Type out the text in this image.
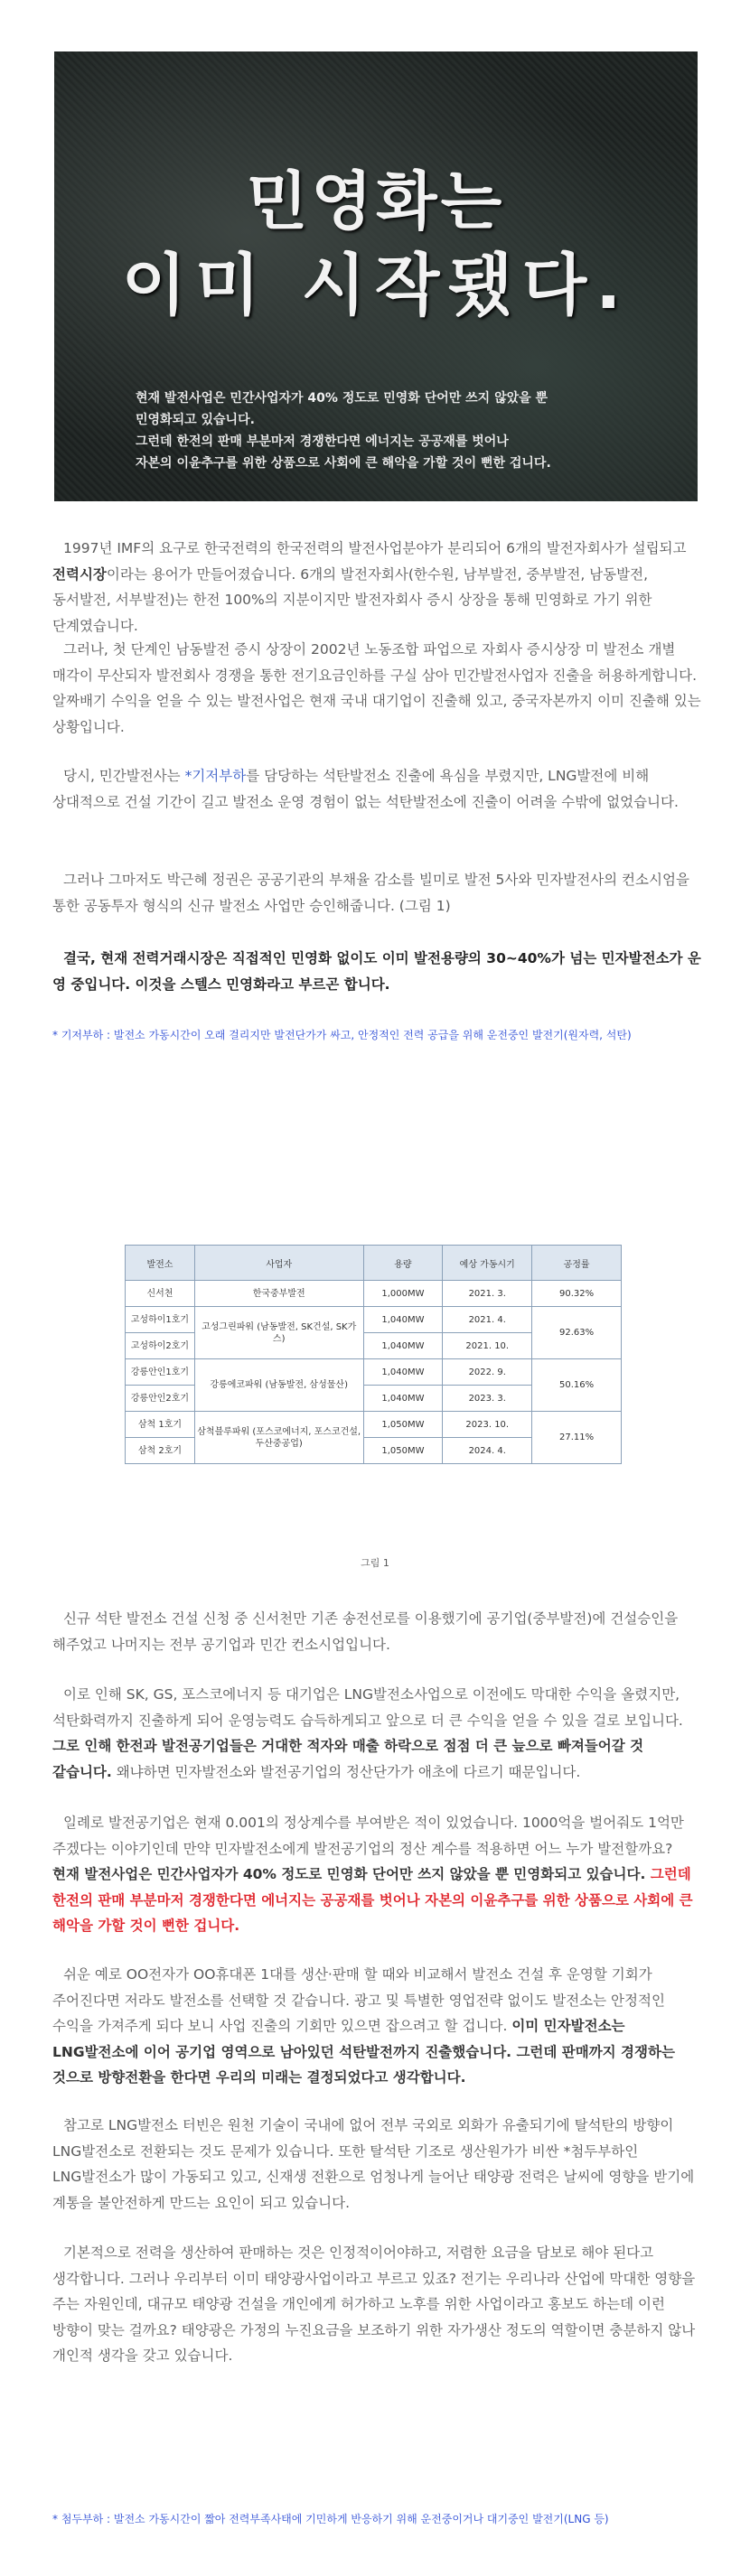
민영화는
이미 시작됐다.
현재 발전사업은 민간사업자가 40% 정도로 민영화 단어만 쓰지 않았을 뿐
민영화되고 있습니다.
그런데 한전의 판매 부분마저 경쟁한다면 에너지는 공공재를 벗어나
자본의 이윤추구를 위한 상품으로 사회에 큰 해악을 가할 것이 뻔한 겁니다.

1997년 IMF의 요구로 한국전력의 한국전력의 발전사업분야가 분리되어 6개의 발전자회사가 설립되고 전력시장이라는 용어가 만들어졌습니다. 6개의 발전자회사(한수원, 남부발전, 중부발전, 남동발전, 동서발전, 서부발전)는 한전 100%의 지분이지만 발전자회사 증시 상장을 통해 민영화로 가기 위한 단계였습니다.

그러나, 첫 단계인 남동발전 증시 상장이 2002년 노동조합 파업으로 자회사 증시상장 미 발전소 개별 매각이 무산되자 발전회사 경쟁을 통한 전기요금인하를 구실 삼아 민간발전사업자 진출을 허용하게합니다. 알짜배기 수익을 얻을 수 있는 발전사업은 현재 국내 대기업이 진출해 있고, 중국자본까지 이미 진출해 있는 상황입니다.

당시, 민간발전사는 *기저부하를 담당하는 석탄발전소 진출에 욕심을 부렸지만, LNG발전에 비해 상대적으로 건설 기간이 길고 발전소 운영 경험이 없는 석탄발전소에 진출이 어려울 수밖에 없었습니다.

그러나 그마저도 박근혜 정권은 공공기관의 부채율 감소를 빌미로 발전 5사와 민자발전사의 컨소시엄을 통한 공동투자 형식의 신규 발전소 사업만 승인해줍니다. (그림 1)

결국, 현재 전력거래시장은 직접적인 민영화 없이도 이미 발전용량의 30~40%가 넘는 민자발전소가 운영 중입니다. 이것을 스텔스 민영화라고 부르곤 합니다.

* 기저부하 : 발전소 가동시간이 오래 걸리지만 발전단가가 싸고, 안정적인 전력 공급을 위해 운전중인 발전기(원자력, 석탄)
발전소	사업자	용량	예상 가동시기	공정률
신서천	한국중부발전	1,000MW	2021. 3.	90.32%
고성하이1호기	고성그린파워 (남동발전, SK건설, SK가스)	1,040MW	2021. 4.	92.63%
고성하이2호기		1,040MW	2021. 10.	
강릉안인1호기	강릉에코파워 (남동발전, 삼성물산)	1,040MW	2022. 9.	50.16%
강릉안인2호기		1,040MW	2023. 3.	
삼척 1호기	삼척블루파워 (포스코에너지, 포스코건설, 두산중공업)	1,050MW	2023. 10.	27.11%
삼척 2호기		1,050MW	2024. 4.	
그림 1

신규 석탄 발전소 건설 신청 중 신서천만 기존 송전선로를 이용했기에 공기업(중부발전)에 건설승인을 해주었고 나머지는 전부 공기업과 민간 컨소시업입니다.

이로 인해 SK, GS, 포스코에너지 등 대기업은 LNG발전소사업으로 이전에도 막대한 수익을 올렸지만, 석탄화력까지 진출하게 되어 운영능력도 습득하게되고 앞으로 더 큰 수익을 얻을 수 있을 걸로 보입니다. 그로 인해 한전과 발전공기업들은 거대한 적자와 매출 하락으로 점점 더 큰 늪으로 빠져들어갈 것 같습니다. 왜냐하면 민자발전소와 발전공기업의 정산단가가 애초에 다르기 때문입니다.

일례로 발전공기업은 현재 0.001의 정상계수를 부여받은 적이 있었습니다. 1000억을 벌어줘도 1억만 주겠다는 이야기인데 만약 민자발전소에게 발전공기업의 정산 계수를 적용하면 어느 누가 발전할까요? 현재 발전사업은 민간사업자가 40% 정도로 민영화 단어만 쓰지 않았을 뿐 민영화되고 있습니다. 그런데 한전의 판매 부분마저 경쟁한다면 에너지는 공공재를 벗어나 자본의 이윤추구를 위한 상품으로 사회에 큰 해악을 가할 것이 뻔한 겁니다.

쉬운 예로 OO전자가 OO휴대폰 1대를 생산·판매 할 때와 비교해서 발전소 건설 후 운영할 기회가 주어진다면 저라도 발전소를 선택할 것 같습니다. 광고 및 특별한 영업전략 없이도 발전소는 안정적인 수익을 가져주게 되다 보니 사업 진출의 기회만 있으면 잡으려고 할 겁니다. 이미 민자발전소는 LNG발전소에 이어 공기업 영역으로 남아있던 석탄발전까지 진출했습니다. 그런데 판매까지 경쟁하는 것으로 방향전환을 한다면 우리의 미래는 결정되었다고 생각합니다.

참고로 LNG발전소 터빈은 원천 기술이 국내에 없어 전부 국외로 외화가 유출되기에 탈석탄의 방향이 LNG발전소로 전환되는 것도 문제가 있습니다. 또한 탈석탄 기조로 생산원가가 비싼 *첨두부하인 LNG발전소가 많이 가동되고 있고, 신재생 전환으로 엄청나게 늘어난 태양광 전력은 날씨에 영향을 받기에 계통을 불안전하게 만드는 요인이 되고 있습니다.

기본적으로 전력을 생산하여 판매하는 것은 인정적이어야하고, 저렴한 요금을 담보로 해야 된다고 생각합니다. 그러나 우리부터 이미 태양광사업이라고 부르고 있죠? 전기는 우리나라 산업에 막대한 영향을 주는 자원인데, 대규모 태양광 건설을 개인에게 허가하고 노후를 위한 사업이라고 홍보도 하는데 이런 방향이 맞는 걸까요? 태양광은 가정의 누진요금을 보조하기 위한 자가생산 정도의 역할이면 충분하지 않나 개인적 생각을 갖고 있습니다.

* 첨두부하 : 발전소 가동시간이 짧아 전력부족사태에 기민하게 반응하기 위해 운전중이거나 대기중인 발전기(LNG 등)
